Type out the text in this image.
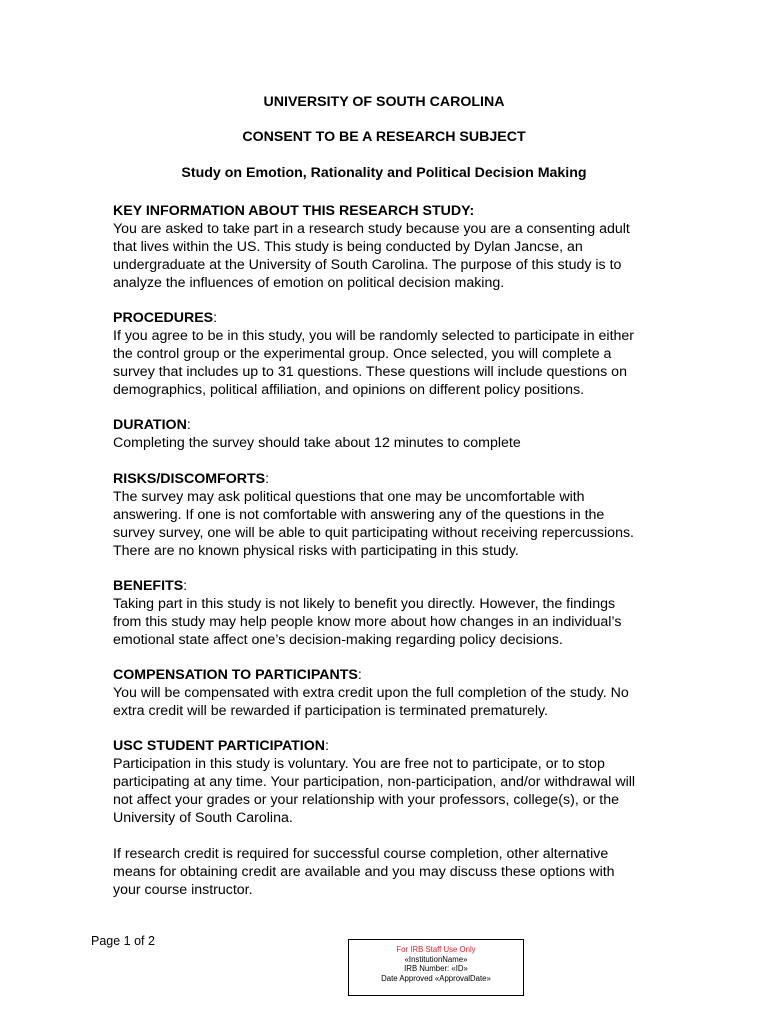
UNIVERSITY OF SOUTH CAROLINA

CONSENT TO BE A RESEARCH SUBJECT

Study on Emotion, Rationality and Political Decision Making

KEY INFORMATION ABOUT THIS RESEARCH STUDY:

You are asked to take part in a research study because you are a consenting adult

that lives within the US. This study is being conducted by Dylan Jancse, an

undergraduate at the University of South Carolina. The purpose of this study is to

analyze the influences of emotion on political decision making.

PROCEDURES:

If you agree to be in this study, you will be randomly selected to participate in either

the control group or the experimental group. Once selected, you will complete a

survey that includes up to 31 questions. These questions will include questions on

demographics, political affiliation, and opinions on different policy positions.

DURATION:

Completing the survey should take about 12 minutes to complete

RISKS/DISCOMFORTS:

The survey may ask political questions that one may be uncomfortable with

answering. If one is not comfortable with answering any of the questions in the

survey survey, one will be able to quit participating without receiving repercussions.

There are no known physical risks with participating in this study.

BENEFITS:

Taking part in this study is not likely to benefit you directly. However, the findings

from this study may help people know more about how changes in an individual’s

emotional state affect one’s decision-making regarding policy decisions.

COMPENSATION TO PARTICIPANTS:

You will be compensated with extra credit upon the full completion of the study. No

extra credit will be rewarded if participation is terminated prematurely.

USC STUDENT PARTICIPATION:

Participation in this study is voluntary. You are free not to participate, or to stop

participating at any time. Your participation, non-participation, and/or withdrawal will

not affect your grades or your relationship with your professors, college(s), or the

University of South Carolina.

If research credit is required for successful course completion, other alternative

means for obtaining credit are available and you may discuss these options with

your course instructor.

Page 1 of 2
For IRB Staff Use Only
«InstitutionName»
IRB Number: «ID»
Date Approved «ApprovalDate»
